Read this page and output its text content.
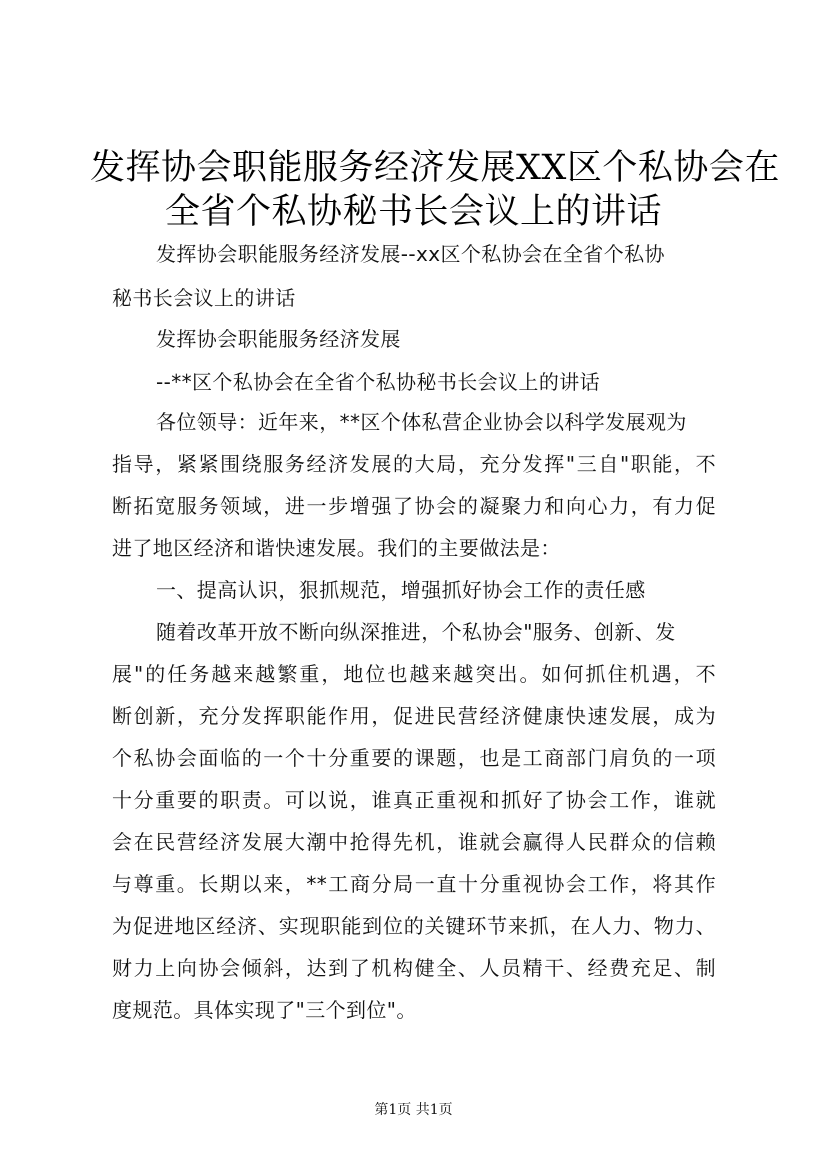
发挥协会职能服务经济发展XX区个私协会在
全省个私协秘书长会议上的讲话
发挥协会职能服务经济发展--xx区个私协会在全省个私协
秘书长会议上的讲话
发挥协会职能服务经济发展
--**区个私协会在全省个私协秘书长会议上的讲话
各位领导：近年来，**区个体私营企业协会以科学发展观为
指导，紧紧围绕服务经济发展的大局，充分发挥"三自"职能，不
断拓宽服务领域，进一步增强了协会的凝聚力和向心力，有力促
进了地区经济和谐快速发展。我们的主要做法是：
一、提高认识，狠抓规范，增强抓好协会工作的责任感
随着改革开放不断向纵深推进，个私协会"服务、创新、发
展"的任务越来越繁重，地位也越来越突出。如何抓住机遇，不
断创新，充分发挥职能作用，促进民营经济健康快速发展，成为
个私协会面临的一个十分重要的课题，也是工商部门肩负的一项
十分重要的职责。可以说，谁真正重视和抓好了协会工作，谁就
会在民营经济发展大潮中抢得先机，谁就会赢得人民群众的信赖
与尊重。长期以来，**工商分局一直十分重视协会工作，将其作
为促进地区经济、实现职能到位的关键环节来抓，在人力、物力、
财力上向协会倾斜，达到了机构健全、人员精干、经费充足、制
度规范。具体实现了"三个到位"。
第1页 共1页
